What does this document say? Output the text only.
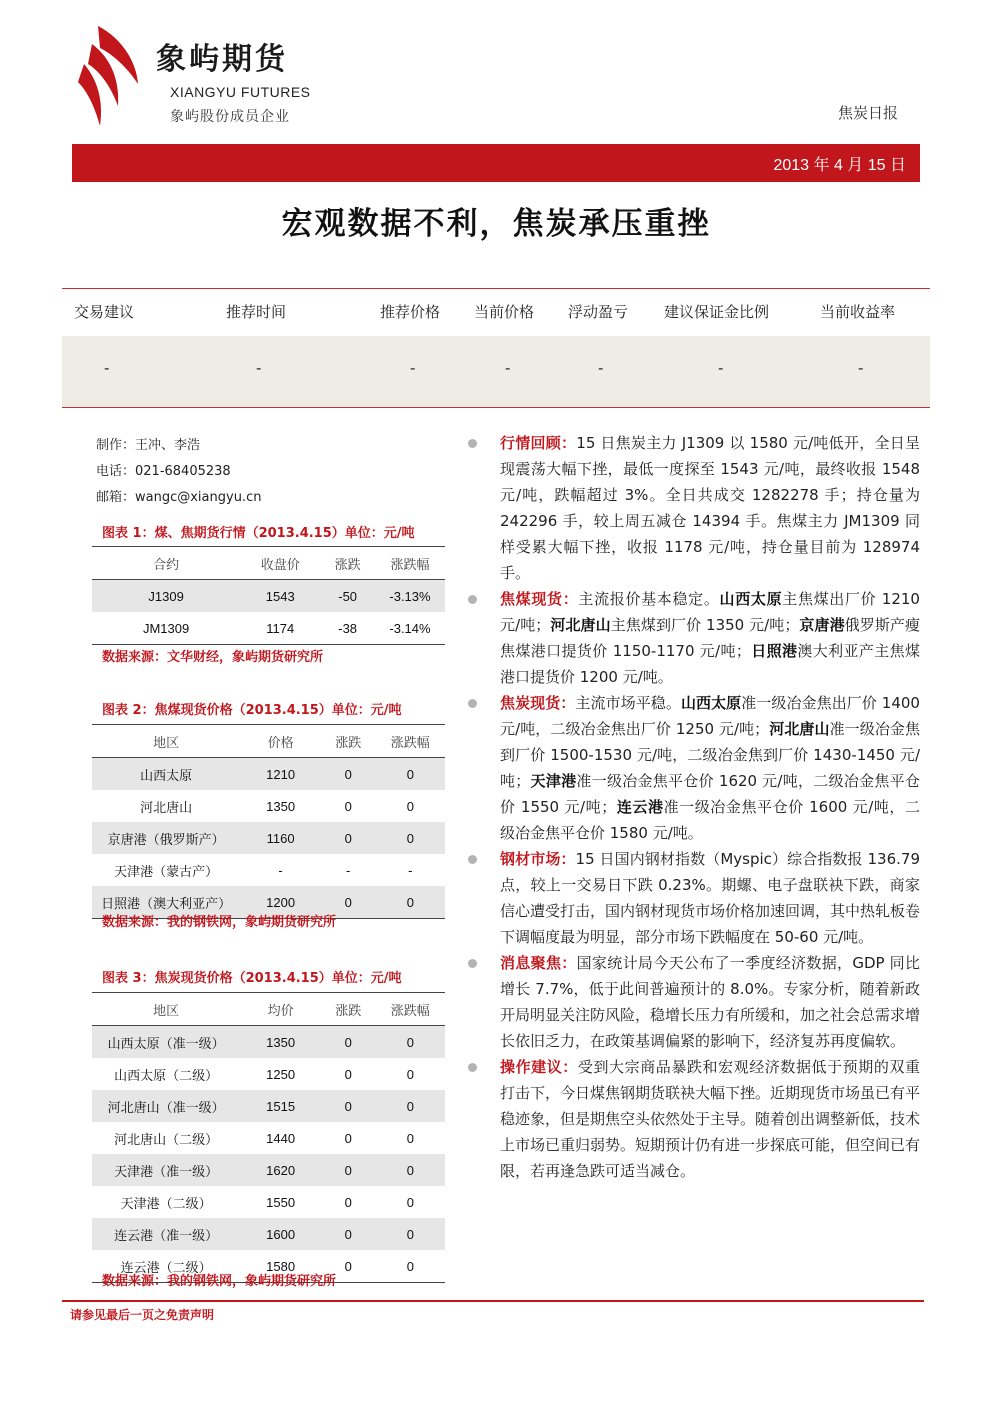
象屿期货
XIANGYU FUTURES
象屿股份成员企业	焦炭日报
2013 年 4 月 15 日
宏观数据不利，焦炭承压重挫
交易建议	推荐时间	推荐价格 当前价格 浮动盈亏 建议保证金比例	当前收益率
-	-	-	-	-	-	-
制作：王冲、李浩
电话：021-68405238
邮箱：wangc@xiangyu.cn
图表 1：煤、焦期货行情（2013.4.15）单位：元/吨
合约	收盘价	涨跌	涨跌幅
J1309	1543	-50	-3.13%
JM1309	1174	-38	-3.14%
数据来源：文华财经，象屿期货研究所
图表 2：焦煤现货价格（2013.4.15）单位：元/吨
地区	价格	涨跌	涨跌幅
山西太原	1210	0	0
河北唐山	1350	0	0
京唐港（俄罗斯产）	1160	0	0
天津港（蒙古产）	-	-	-
日照港（澳大利亚产）	1200	0	0
数据来源：我的钢铁网，象屿期货研究所
图表 3：焦炭现货价格（2013.4.15）单位：元/吨
地区	均价	涨跌	涨跌幅
山西太原（准一级）	1350	0	0
山西太原（二级）	1250	0	0
河北唐山（准一级）	1515	0	0
河北唐山（二级）	1440	0	0
天津港（准一级）	1620	0	0
天津港（二级）	1550	0	0
连云港（准一级）	1600	0	0
连云港（二级）	1580	0	0
数据来源：我的钢铁网，象屿期货研究所
行情回顾：15 日焦炭主力 J1309 以 1580 元/吨低开，全日呈现震荡大幅下挫，最低一度探至 1543 元/吨，最终收报 1548 元/吨，跌幅超过 3%。全日共成交 1282278 手；持仓量为 242296 手，较上周五减仓 14394 手。焦煤主力 JM1309 同样受累大幅下挫，收报 1178 元/吨，持仓量目前为 128974 手。
焦煤现货：主流报价基本稳定。山西太原主焦煤出厂价 1210 元/吨；河北唐山主焦煤到厂价 1350 元/吨；京唐港俄罗斯产瘦焦煤港口提货价 1150-1170 元/吨；日照港澳大利亚产主焦煤港口提货价 1200 元/吨。
焦炭现货：主流市场平稳。山西太原准一级冶金焦出厂价 1400 元/吨，二级冶金焦出厂价 1250 元/吨；河北唐山准一级冶金焦到厂价 1500-1530 元/吨，二级冶金焦到厂价 1430-1450 元/吨；天津港准一级冶金焦平仓价 1620 元/吨，二级冶金焦平仓价 1550 元/吨；连云港准一级冶金焦平仓价 1600 元/吨，二级冶金焦平仓价 1580 元/吨。
钢材市场：15 日国内钢材指数（Myspic）综合指数报 136.79 点，较上一交易日下跌 0.23%。期螺、电子盘联袂下跌，商家信心遭受打击，国内钢材现货市场价格加速回调，其中热轧板卷下调幅度最为明显，部分市场下跌幅度在 50-60 元/吨。
消息聚焦：国家统计局今天公布了一季度经济数据，GDP 同比增长 7.7%，低于此间普遍预计的 8.0%。专家分析，随着新政开局明显关注防风险，稳增长压力有所缓和，加之社会总需求增长依旧乏力，在政策基调偏紧的影响下，经济复苏再度偏软。
操作建议：受到大宗商品暴跌和宏观经济数据低于预期的双重打击下，今日煤焦钢期货联袂大幅下挫。近期现货市场虽已有平稳迹象，但是期焦空头依然处于主导。随着创出调整新低，技术上市场已重归弱势。短期预计仍有进一步探底可能，但空间已有限，若再逢急跌可适当减仓。
请参见最后一页之免责声明
